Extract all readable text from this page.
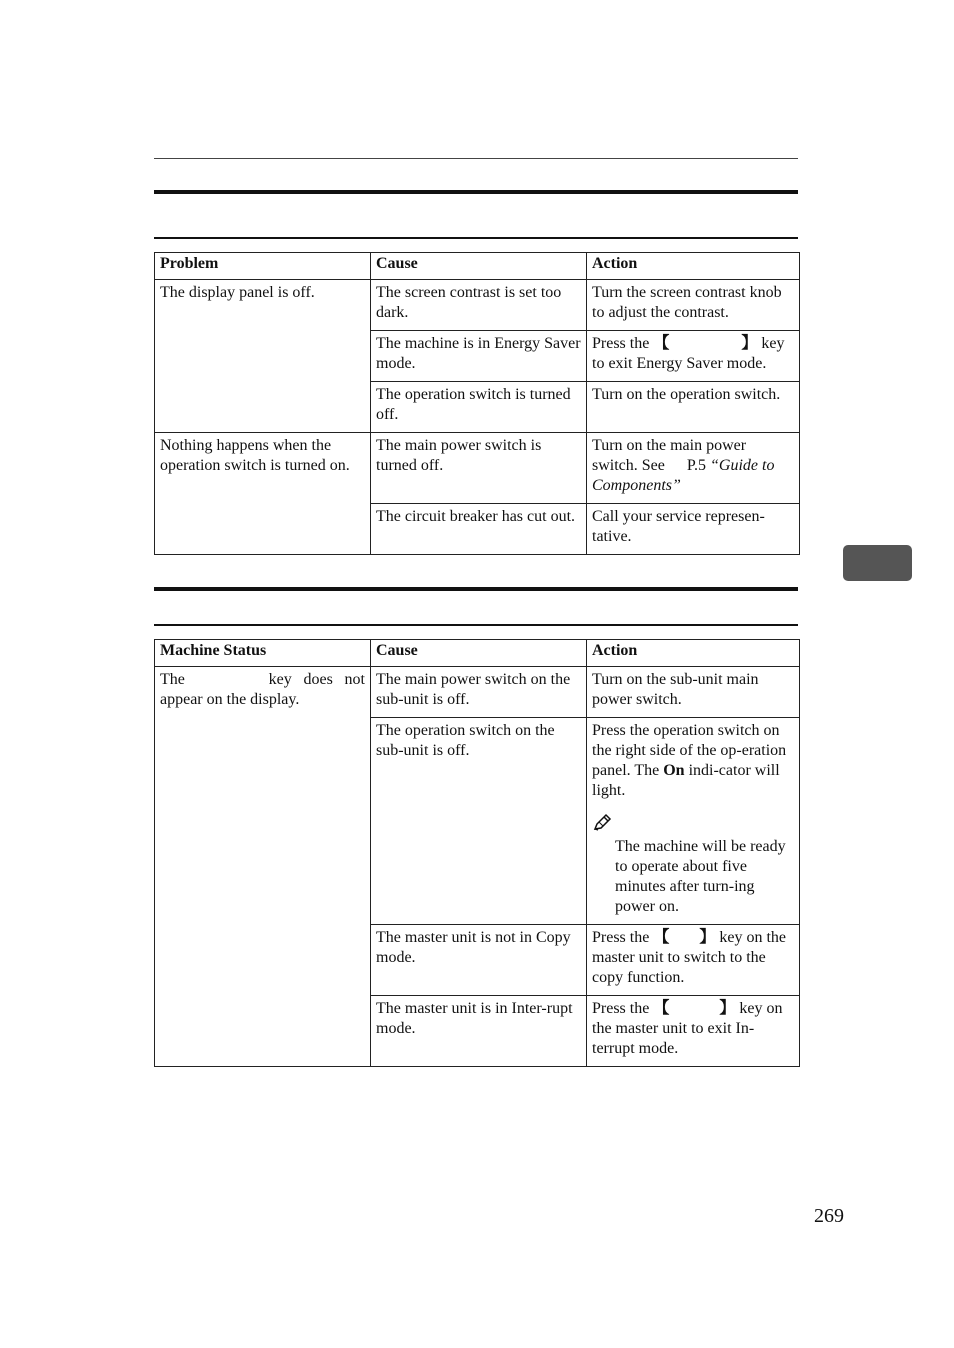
Problem	Cause	Action
The display panel is off.	The screen contrast is set too dark.	Turn the screen contrast knob to adjust the contrast.
	The machine is in Energy Saver mode.	Press the 【 】 key to exit Energy Saver mode.
	The operation switch is turned off.	Turn on the operation switch.
Nothing happens when the operation switch is turned on.	The main power switch is turned off.	Turn on the main power switch. See P.5 “Guide to Components”
	The circuit breaker has cut out.	Call your service represen-tative.
Machine Status	Cause	Action
The key does not appear on the display.	The main power switch on the sub-unit is off.	Turn on the sub-unit main power switch.
	The operation switch on the sub-unit is off.	Press the operation switch on the right side of the op-eration panel. The On indi-cator will light.
The machine will be ready to operate about five minutes after turn-ing power on.

	The master unit is not in Copy mode.	Press the 【 】 key on the master unit to switch to the copy function.
	The master unit is in Inter-rupt mode.	Press the 【 】 key on the master unit to exit In-terrupt mode.
269
